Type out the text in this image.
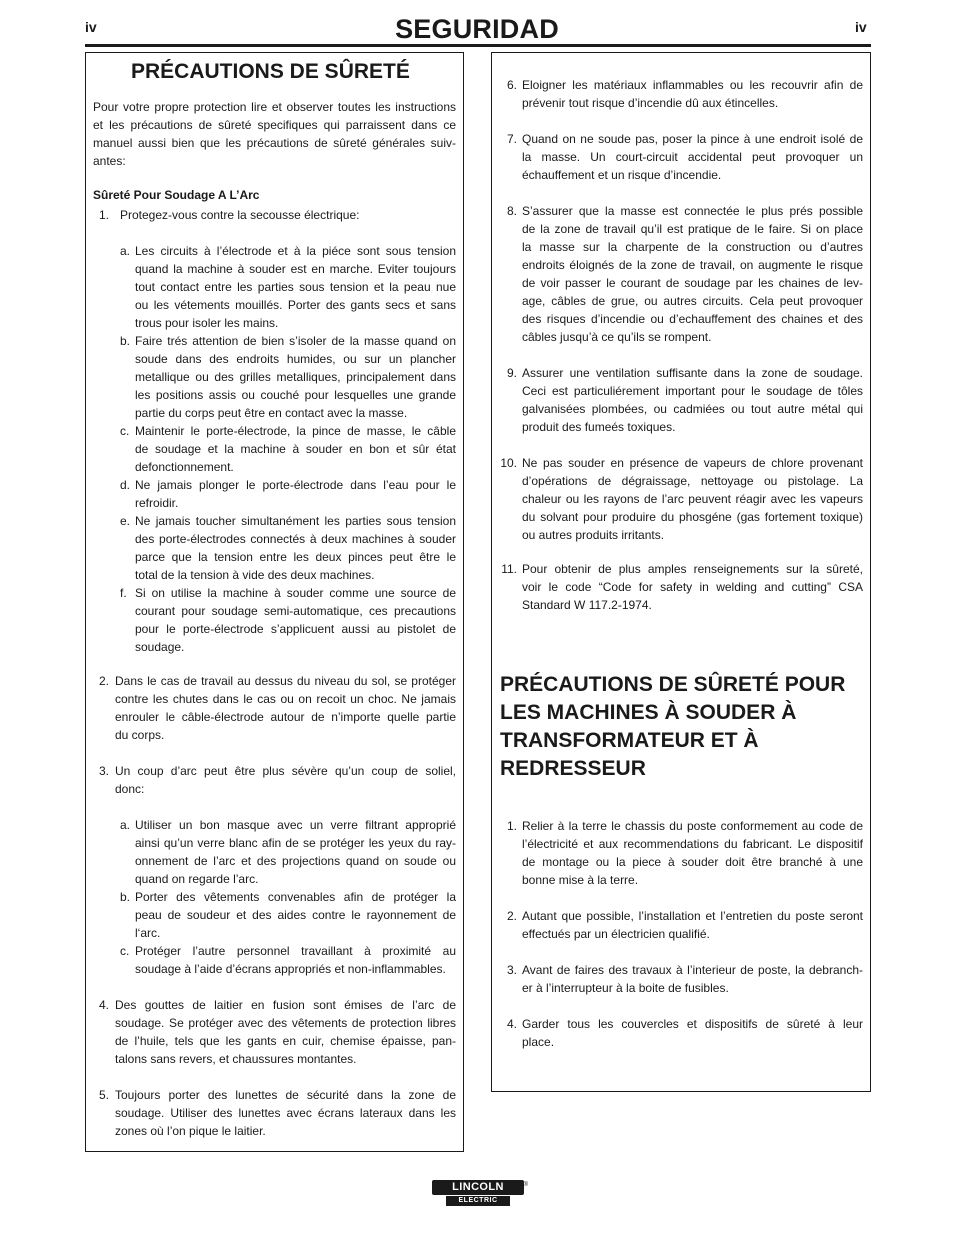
iv	SEGURIDAD	iv
PRÉCAUTIONS DE SÛRETÉ
Pour votre propre protection lire et observer toutes les instructions
et les précautions de sûreté specifiques qui parraissent dans ce
manuel aussi bien que les précautions de sûreté générales suiv-
antes:
Sûreté Pour Soudage A L’Arc
1. Protegez-vous contre la secousse électrique:
a. Les circuits à l’électrode et à la piéce sont sous tension
quand la machine à souder est en marche. Eviter toujours
tout contact entre les parties sous tension et la peau nue
ou les vétements mouillés. Porter des gants secs et sans
trous pour isoler les mains.
b. Faire trés attention de bien s’isoler de la masse quand on
soude dans des endroits humides, ou sur un plancher
metallique ou des grilles metalliques, principalement dans
les positions assis ou couché pour lesquelles une grande
partie du corps peut être en contact avec la masse.
c. Maintenir le porte-électrode, la pince de masse, le câble
de soudage et la machine à souder en bon et sûr état
defonctionnement.
d. Ne jamais plonger le porte-électrode dans l’eau pour le
refroidir.
e. Ne jamais toucher simultanément les parties sous tension
des porte-électrodes connectés à deux machines à souder
parce que la tension entre les deux pinces peut être le
total de la tension à vide des deux machines.
f. Si on utilise la machine à souder comme une source de
courant pour soudage semi-automatique, ces precautions
pour le porte-électrode s’applicuent aussi au pistolet de
soudage.
2. Dans le cas de travail au dessus du niveau du sol, se protéger
contre les chutes dans le cas ou on recoit un choc. Ne jamais
enrouler le câble-électrode autour de n’importe quelle partie
du corps.
3. Un coup d’arc peut être plus sévère qu’un coup de soliel,
donc:
a. Utiliser un bon masque avec un verre filtrant approprié
ainsi qu’un verre blanc afin de se protéger les yeux du ray-
onnement de l’arc et des projections quand on soude ou
quand on regarde l’arc.
b. Porter des vêtements convenables afin de protéger la
peau de soudeur et des aides contre le rayonnement de
l‘arc.
c. Protéger l’autre personnel travaillant à proximité au
soudage à l’aide d’écrans appropriés et non-inflammables.
4. Des gouttes de laitier en fusion sont émises de l’arc de
soudage. Se protéger avec des vêtements de protection libres
de l’huile, tels que les gants en cuir, chemise épaisse, pan-
talons sans revers, et chaussures montantes.
5. Toujours porter des lunettes de sécurité dans la zone de
soudage. Utiliser des lunettes avec écrans lateraux dans les
zones où l’on pique le laitier.
6. Eloigner les matériaux inflammables ou les recouvrir afin de
prévenir tout risque d’incendie dû aux étincelles.
7. Quand on ne soude pas, poser la pince à une endroit isolé de
la masse. Un court-circuit accidental peut provoquer un
échauffement et un risque d’incendie.
8. S’assurer que la masse est connectée le plus prés possible
de la zone de travail qu’il est pratique de le faire. Si on place
la masse sur la charpente de la construction ou d’autres
endroits éloignés de la zone de travail, on augmente le risque
de voir passer le courant de soudage par les chaines de lev-
age, câbles de grue, ou autres circuits. Cela peut provoquer
des risques d’incendie ou d’echauffement des chaines et des
câbles jusqu’à ce qu’ils se rompent.
9. Assurer une ventilation suffisante dans la zone de soudage.
Ceci est particuliérement important pour le soudage de tôles
galvanisées plombées, ou cadmiées ou tout autre métal qui
produit des fumeés toxiques.
10. Ne pas souder en présence de vapeurs de chlore provenant
d’opérations de dégraissage, nettoyage ou pistolage. La
chaleur ou les rayons de l’arc peuvent réagir avec les vapeurs
du solvant pour produire du phosgéne (gas fortement toxique)
ou autres produits irritants.
11. Pour obtenir de plus amples renseignements sur la sûreté,
voir le code “Code for safety in welding and cutting” CSA
Standard W 117.2-1974.
PRÉCAUTIONS DE SÛRETÉ POUR
LES MACHINES À SOUDER À
TRANSFORMATEUR ET À
REDRESSEUR
1. Relier à la terre le chassis du poste conformement au code de
l’électricité et aux recommendations du fabricant. Le dispositif
de montage ou la piece à souder doit être branché à une
bonne mise à la terre.
2. Autant que possible, l’installation et l’entretien du poste seront
effectués par un électricien qualifié.
3. Avant de faires des travaux à l’interieur de poste, la debranch-
er à l’interrupteur à la boite de fusibles.
4. Garder tous les couvercles et dispositifs de sûreté à leur
place.
LINCOLN
ELECTRIC
®
